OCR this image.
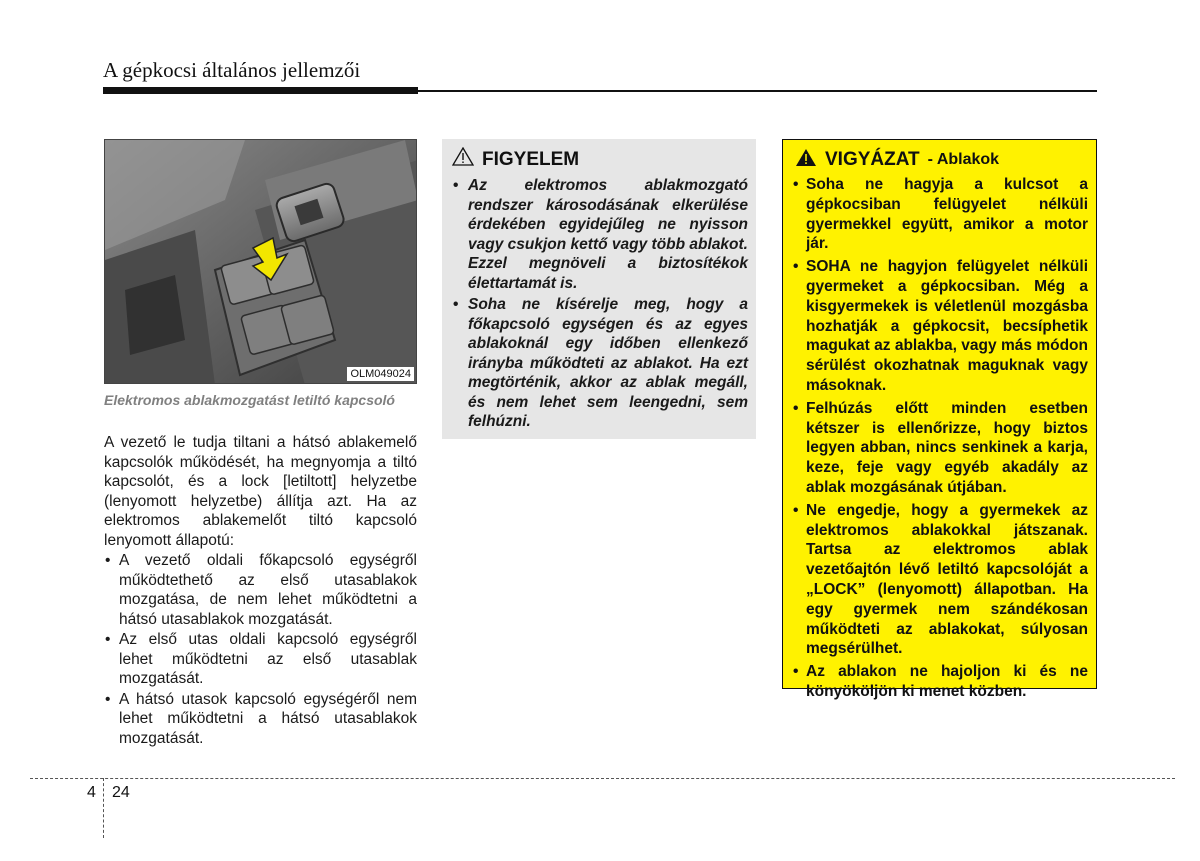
A gépkocsi általános jellemzői
OLM049024
Elektromos ablakmozgatást letiltó kapcsoló

A vezető le tudja tiltani a hátsó ablakemelő kapcsolók működését, ha megnyomja a tiltó kapcsolót, és a lock [letiltott] helyzetbe (lenyomott helyzetbe) állítja azt. Ha az elektromos ablakemelőt tiltó kapcsoló lenyomott állapotú:

• A vezető oldali főkapcsoló egységről működtethető az első utasablakok mozgatása, de nem lehet működtetni a hátsó utasablakok mozgatását.
• Az első utas oldali kapcsoló egységről lehet működtetni az első utasablak mozgatását.
• A hátsó utasok kapcsoló egységéről nem lehet működtetni a hátsó utasablakok mozgatását.
FIGYELEM
• Az elektromos ablakmozgató rendszer károsodásának elkerülése érdekében egyidejűleg ne nyisson vagy csukjon kettő vagy több ablakot. Ezzel megnöveli a biztosítékok élettartamát is.
• Soha ne kísérelje meg, hogy a főkapcsoló egységen és az egyes ablakoknál egy időben ellenkező irányba működteti az ablakot. Ha ezt megtörténik, akkor az ablak megáll, és nem lehet sem leengedni, sem felhúzni.
VIGYÁZAT - Ablakok
• Soha ne hagyja a kulcsot a gépkocsiban felügyelet nélküli gyermekkel együtt, amikor a motor jár.
• SOHA ne hagyjon felügyelet nélküli gyermeket a gépkocsiban. Még a kisgyermekek is véletlenül mozgásba hozhatják a gépkocsit, becsíphetik magukat az ablakba, vagy más módon sérülést okozhatnak maguknak vagy másoknak.
• Felhúzás előtt minden esetben kétszer is ellenőrizze, hogy biztos legyen abban, nincs senkinek a karja, keze, feje vagy egyéb akadály az ablak mozgásának útjában.
• Ne engedje, hogy a gyermekek az elektromos ablakokkal játszanak. Tartsa az elektromos ablak vezetőajtón lévő letiltó kapcsolóját a „LOCK” (lenyomott) állapotban. Ha egy gyermek nem szándékosan működteti az ablakokat, súlyosan megsérülhet.
• Az ablakon ne hajoljon ki és ne könyököljön ki menet közben.
4 24
